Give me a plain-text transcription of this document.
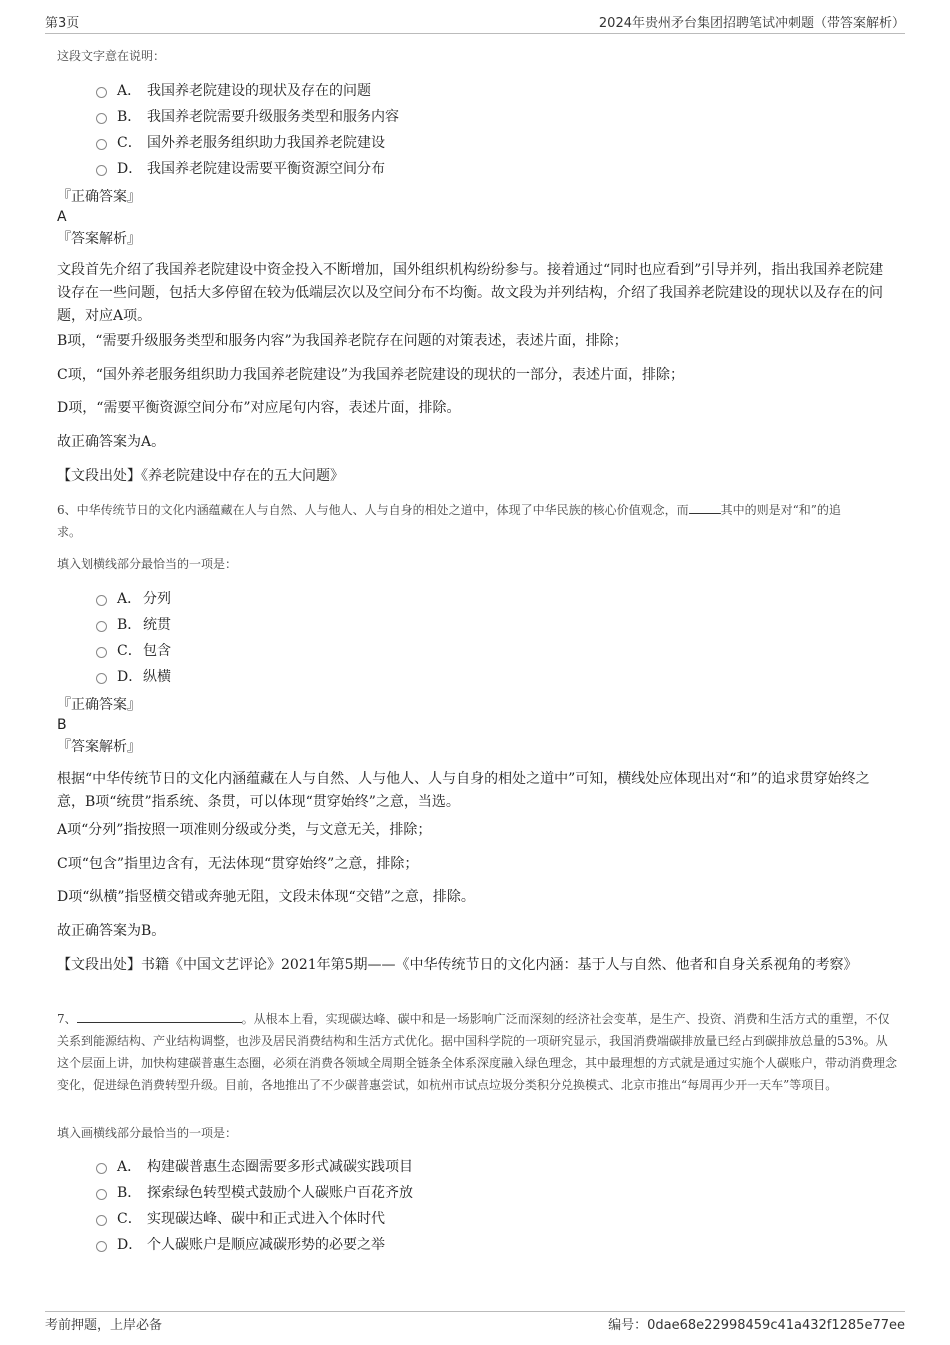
第3页	2024年贵州矛台集团招聘笔试冲刺题（带答案解析）
这段文字意在说明：
A． 我国养老院建设的现状及存在的问题
B． 我国养老院需要升级服务类型和服务内容
C． 国外养老服务组织助力我国养老院建设
D． 我国养老院建设需要平衡资源空间分布
『正确答案』
A
『答案解析』
文段首先介绍了我国养老院建设中资金投入不断增加，国外组织机构纷纷参与。接着通过“同时也应看到”引导并列，指出我国养老院建设存在一些问题，包括大多停留在较为低端层次以及空间分布不均衡。故文段为并列结构，介绍了我国养老院建设的现状以及存在的问题，对应A项。
B项，“需要升级服务类型和服务内容”为我国养老院存在问题的对策表述，表述片面，排除；
C项，“国外养老服务组织助力我国养老院建设”为我国养老院建设的现状的一部分，表述片面，排除；
D项，“需要平衡资源空间分布”对应尾句内容，表述片面，排除。
故正确答案为A。
【文段出处】《养老院建设中存在的五大问题》
6、中华传统节日的文化内涵蕴藏在人与自然、人与他人、人与自身的相处之道中，体现了中华民族的核心价值观念，而	其中的则是对“和”的追求。
填入划横线部分最恰当的一项是：
A． 分列
B． 统贯
C． 包含
D． 纵横
『正确答案』
B
『答案解析』
根据“中华传统节日的文化内涵蕴藏在人与自然、人与他人、人与自身的相处之道中”可知，横线处应体现出对“和”的追求贯穿始终之意，B项“统贯”指系统、条贯，可以体现“贯穿始终”之意，当选。
A项“分列”指按照一项准则分级或分类，与文意无关，排除；
C项“包含”指里边含有，无法体现“贯穿始终”之意，排除；
D项“纵横”指竖横交错或奔驰无阻，文段未体现“交错”之意，排除。
故正确答案为B。
【文段出处】书籍《中国文艺评论》2021年第5期——《中华传统节日的文化内涵：基于人与自然、他者和自身关系视角的考察》
7、	。从根本上看，实现碳达峰、碳中和是一场影响广泛而深刻的经济社会变革，是生产、投资、消费和生活方式的重塑，不仅关系到能源结构、产业结构调整，也涉及居民消费结构和生活方式优化。据中国科学院的一项研究显示，我国消费端碳排放量已经占到碳排放总量的53%。从这个层面上讲，加快构建碳普惠生态圈，必须在消费各领域全周期全链条全体系深度融入绿色理念，其中最理想的方式就是通过实施个人碳账户，带动消费理念变化，促进绿色消费转型升级。目前，各地推出了不少碳普惠尝试，如杭州市试点垃圾分类积分兑换模式、北京市推出“每周再少开一天车”等项目。
填入画横线部分最恰当的一项是：
A． 构建碳普惠生态圈需要多形式减碳实践项目
B． 探索绿色转型模式鼓励个人碳账户百花齐放
C． 实现碳达峰、碳中和正式进入个体时代
D． 个人碳账户是顺应减碳形势的必要之举
考前押题，上岸必备	编号：0dae68e22998459c41a432f1285e77ee
